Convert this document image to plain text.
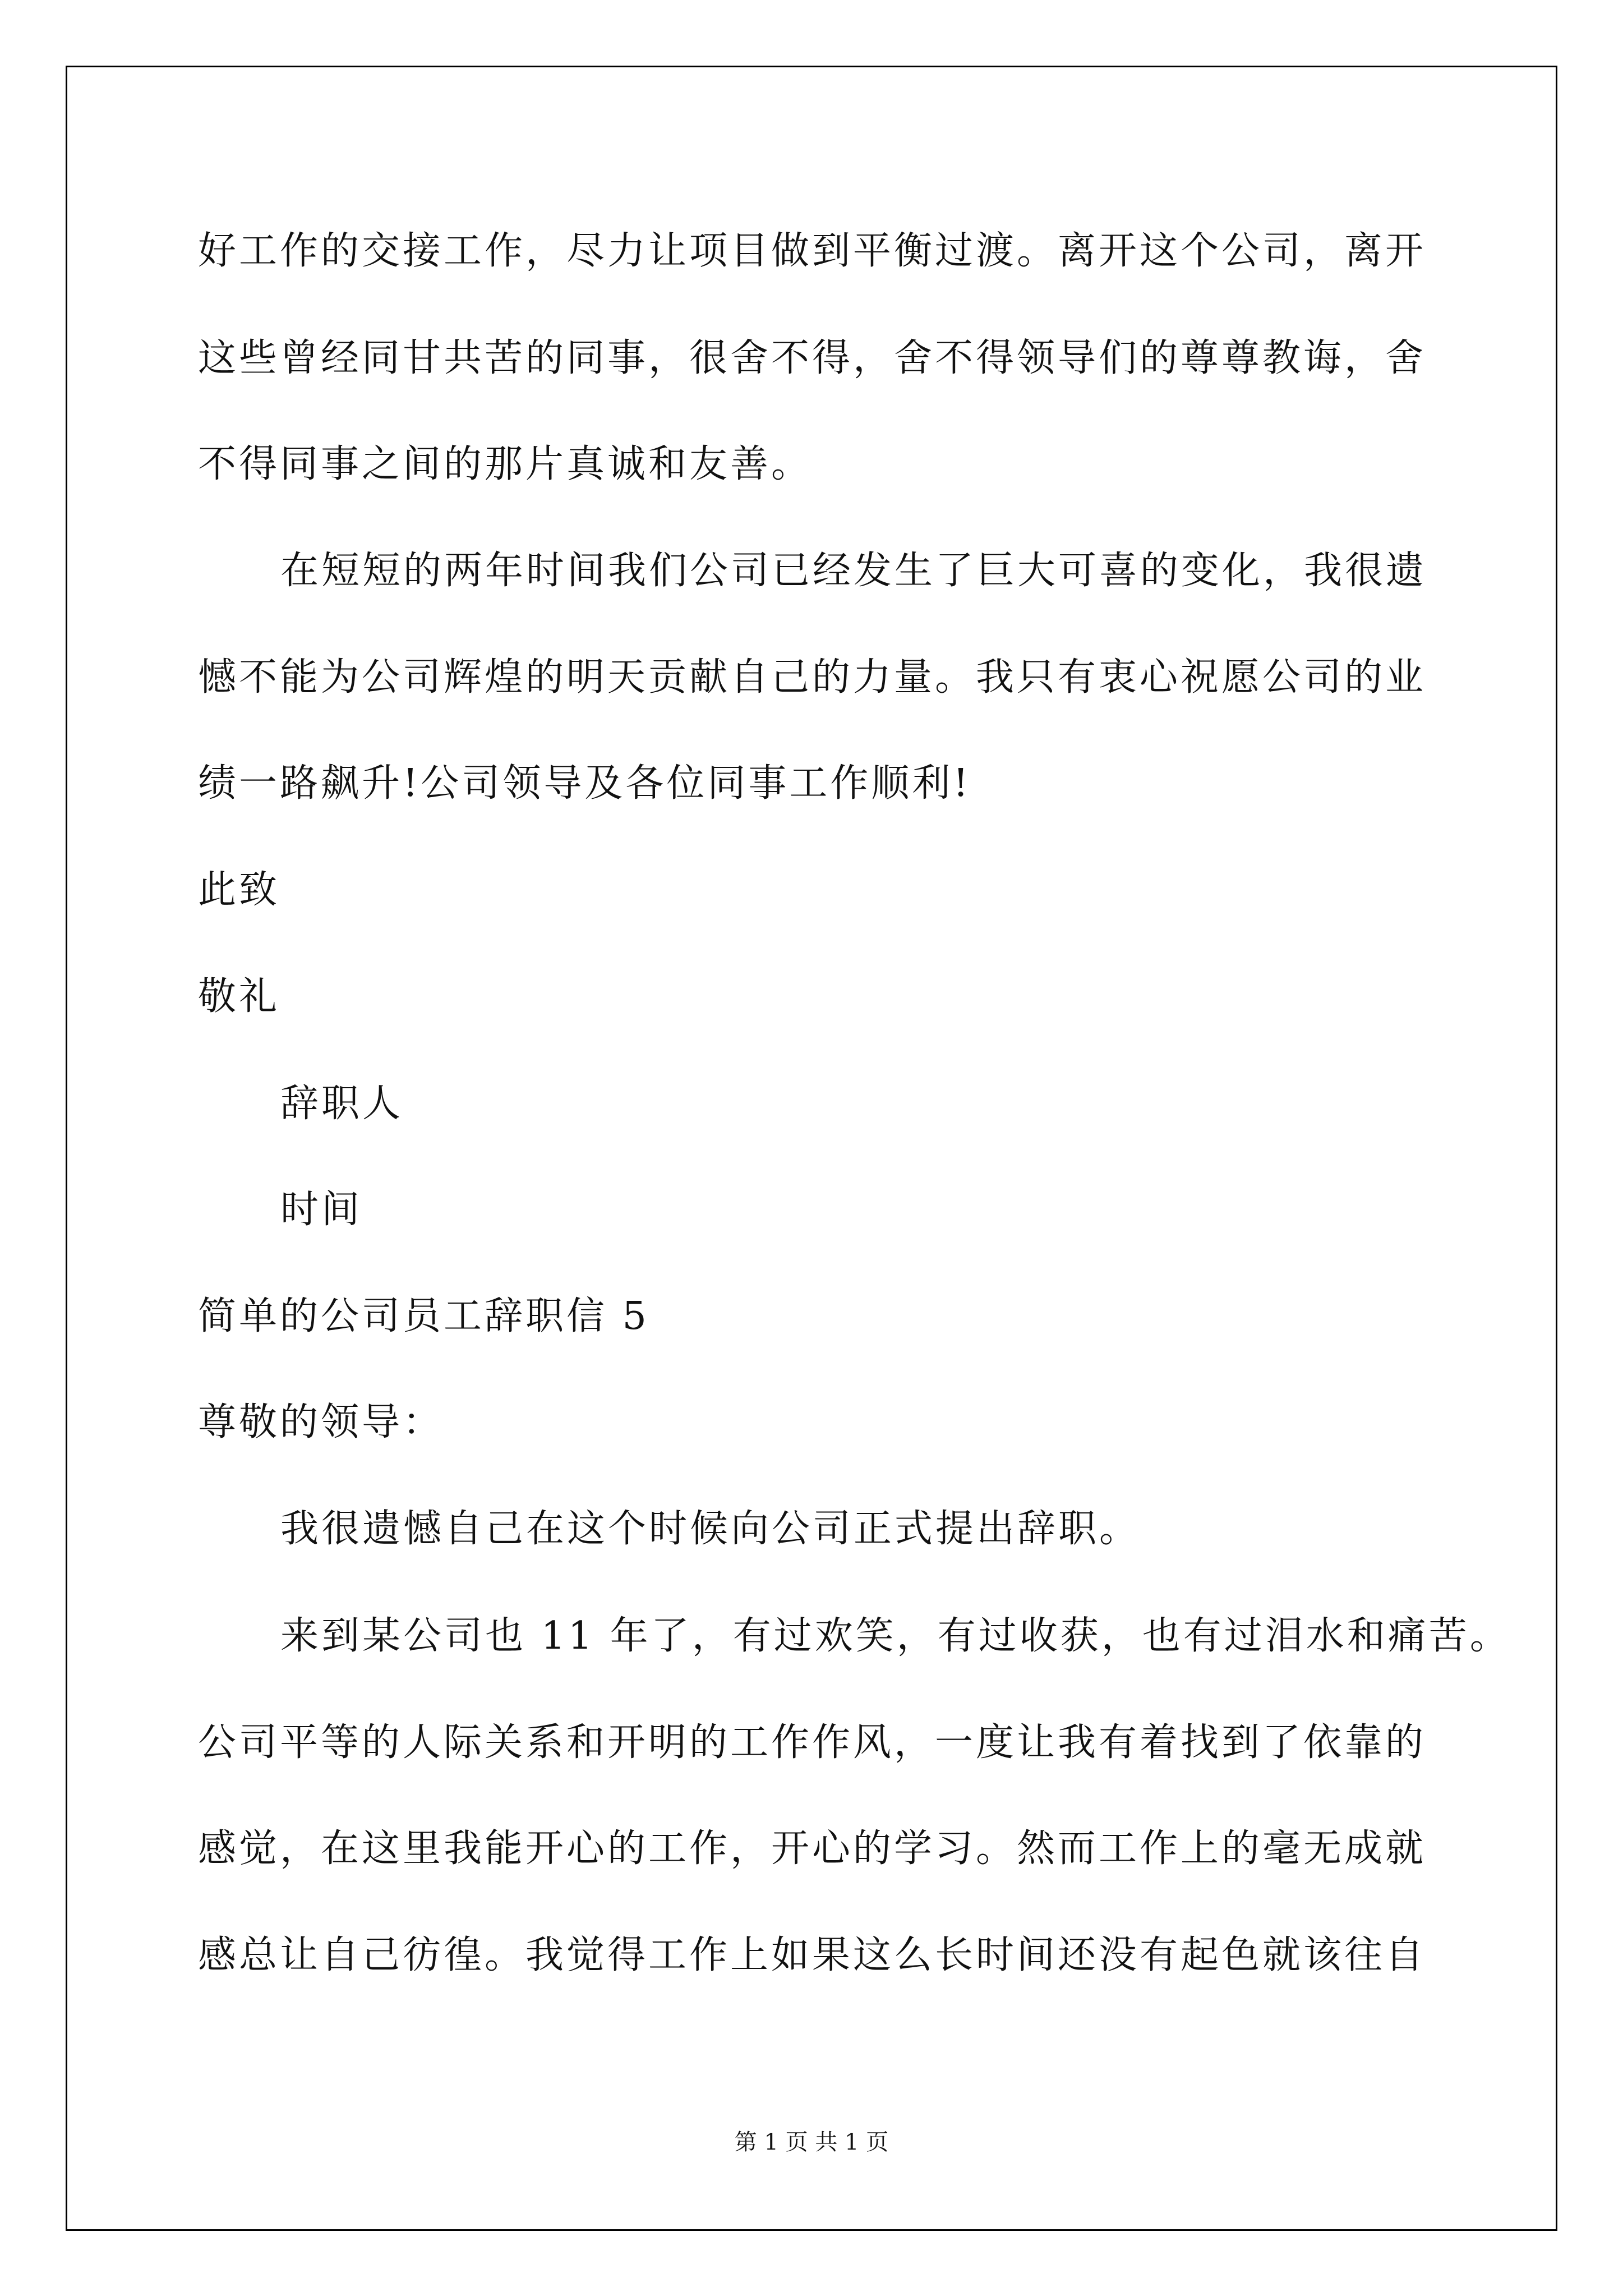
好工作的交接工作，尽力让项目做到平衡过渡。离开这个公司，离开

这些曾经同甘共苦的同事，很舍不得，舍不得领导们的尊尊教诲，舍

不得同事之间的那片真诚和友善。

在短短的两年时间我们公司已经发生了巨大可喜的变化，我很遗

憾不能为公司辉煌的明天贡献自己的力量。我只有衷心祝愿公司的业

绩一路飙升!公司领导及各位同事工作顺利!

此致

敬礼

辞职人

时间

简单的公司员工辞职信 5

尊敬的领导：

我很遗憾自己在这个时候向公司正式提出辞职。

来到某公司也 11 年了，有过欢笑，有过收获，也有过泪水和痛苦。

公司平等的人际关系和开明的工作作风，一度让我有着找到了依靠的

感觉，在这里我能开心的工作，开心的学习。然而工作上的毫无成就

感总让自己彷徨。我觉得工作上如果这么长时间还没有起色就该往自

第 1 页 共 1 页
